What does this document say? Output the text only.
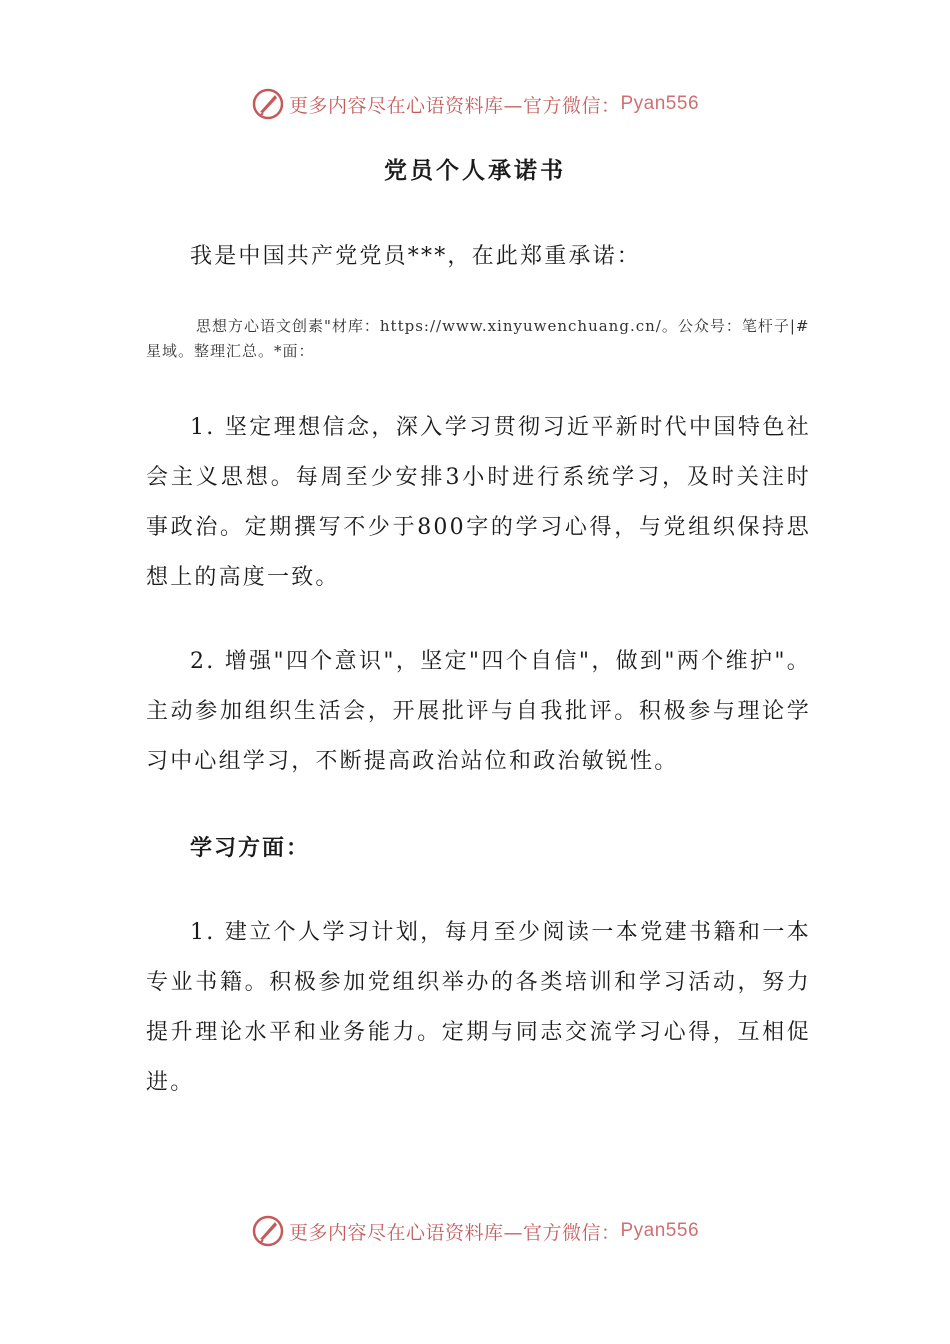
更多内容尽在心语资料库 —官方微信： Pyan556
党员个人承诺书

我是中国共产党党员***，在此郑重承诺：

思想方心语文创素"材库：https://www.xinyuwenchuang.cn/。公众号：笔杆子|#星域。整理汇总。*面：

1. 坚定理想信念，深入学习贯彻习近平新时代中国特色社会主义思想。每周至少安排3小时进行系统学习，及时关注时事政治。定期撰写不少于800字的学习心得，与党组织保持思想上的高度一致。

2. 增强"四个意识"，坚定"四个自信"，做到"两个维护"。主动参加组织生活会，开展批评与自我批评。积极参与理论学习中心组学习，不断提高政治站位和政治敏锐性。

学习方面：

1. 建立个人学习计划，每月至少阅读一本党建书籍和一本专业书籍。积极参加党组织举办的各类培训和学习活动，努力提升理论水平和业务能力。定期与同志交流学习心得，互相促进。

更多内容尽在心语资料库 —官方微信： Pyan556
